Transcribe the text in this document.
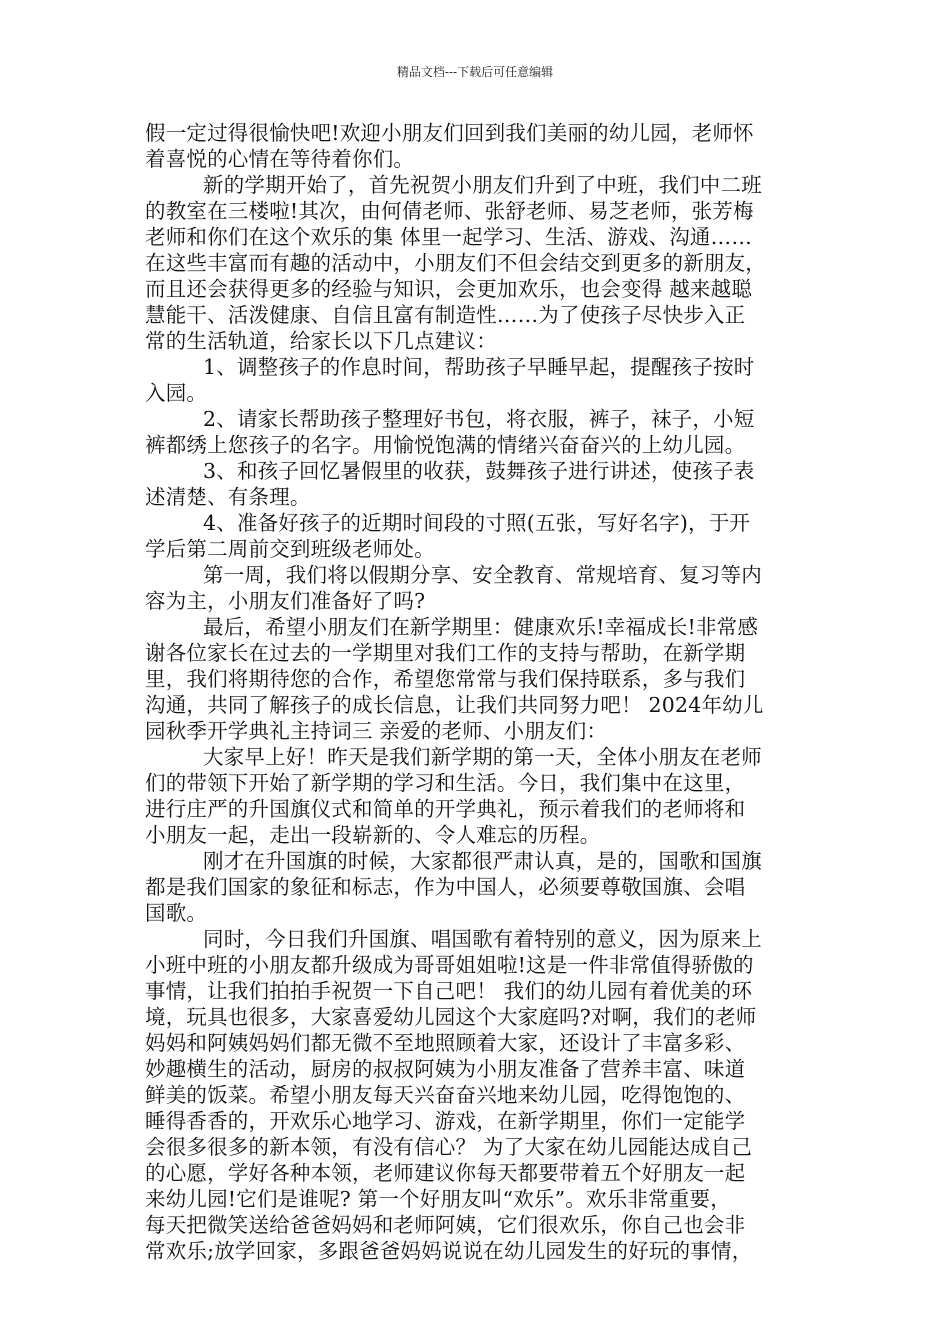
精品文档---下载后可任意编辑
假一定过得很愉快吧!欢迎小朋友们回到我们美丽的幼儿园，老师怀
着喜悦的心情在等待着你们。
新的学期开始了，首先祝贺小朋友们升到了中班，我们中二班
的教室在三楼啦!其次，由何倩老师、张舒老师、易芝老师，张芳梅
老师和你们在这个欢乐的集 体里一起学习、生活、游戏、沟通……
在这些丰富而有趣的活动中，小朋友们不但会结交到更多的新朋友，
而且还会获得更多的经验与知识，会更加欢乐，也会变得 越来越聪
慧能干、活泼健康、自信且富有制造性……为了使孩子尽快步入正
常的生活轨道，给家长以下几点建议：
1、调整孩子的作息时间，帮助孩子早睡早起，提醒孩子按时
入园。
2、请家长帮助孩子整理好书包，将衣服，裤子，袜子，小短
裤都绣上您孩子的名字。用愉悦饱满的情绪兴奋奋兴的上幼儿园。
3、和孩子回忆暑假里的收获，鼓舞孩子进行讲述，使孩子表
述清楚、有条理。
4、准备好孩子的近期时间段的寸照(五张，写好名字)，于开
学后第二周前交到班级老师处。
第一周，我们将以假期分享、安全教育、常规培育、复习等内
容为主，小朋友们准备好了吗?
最后，希望小朋友们在新学期里：健康欢乐!幸福成长!非常感
谢各位家长在过去的一学期里对我们工作的支持与帮助，在新学期
里，我们将期待您的合作，希望您常常与我们保持联系，多与我们
沟通，共同了解孩子的成长信息，让我们共同努力吧！ 2024年幼儿
园秋季开学典礼主持词三 亲爱的老师、小朋友们：
大家早上好！昨天是我们新学期的第一天，全体小朋友在老师
们的带领下开始了新学期的学习和生活。今日，我们集中在这里，
进行庄严的升国旗仪式和简单的开学典礼，预示着我们的老师将和
小朋友一起，走出一段崭新的、令人难忘的历程。
刚才在升国旗的时候，大家都很严肃认真，是的，国歌和国旗
都是我们国家的象征和标志，作为中国人，必须要尊敬国旗、会唱
国歌。
同时，今日我们升国旗、唱国歌有着特别的意义，因为原来上
小班中班的小朋友都升级成为哥哥姐姐啦!这是一件非常值得骄傲的
事情，让我们拍拍手祝贺一下自己吧！ 我们的幼儿园有着优美的环
境，玩具也很多，大家喜爱幼儿园这个大家庭吗?对啊，我们的老师
妈妈和阿姨妈妈们都无微不至地照顾着大家，还设计了丰富多彩、
妙趣横生的活动，厨房的叔叔阿姨为小朋友准备了营养丰富、味道
鲜美的饭菜。希望小朋友每天兴奋奋兴地来幼儿园，吃得饱饱的、
睡得香香的，开欢乐心地学习、游戏，在新学期里，你们一定能学
会很多很多的新本领，有没有信心？ 为了大家在幼儿园能达成自己
的心愿，学好各种本领，老师建议你每天都要带着五个好朋友一起
来幼儿园!它们是谁呢? 第一个好朋友叫“欢乐”。欢乐非常重要，
每天把微笑送给爸爸妈妈和老师阿姨，它们很欢乐，你自己也会非
常欢乐;放学回家，多跟爸爸妈妈说说在幼儿园发生的好玩的事情，
